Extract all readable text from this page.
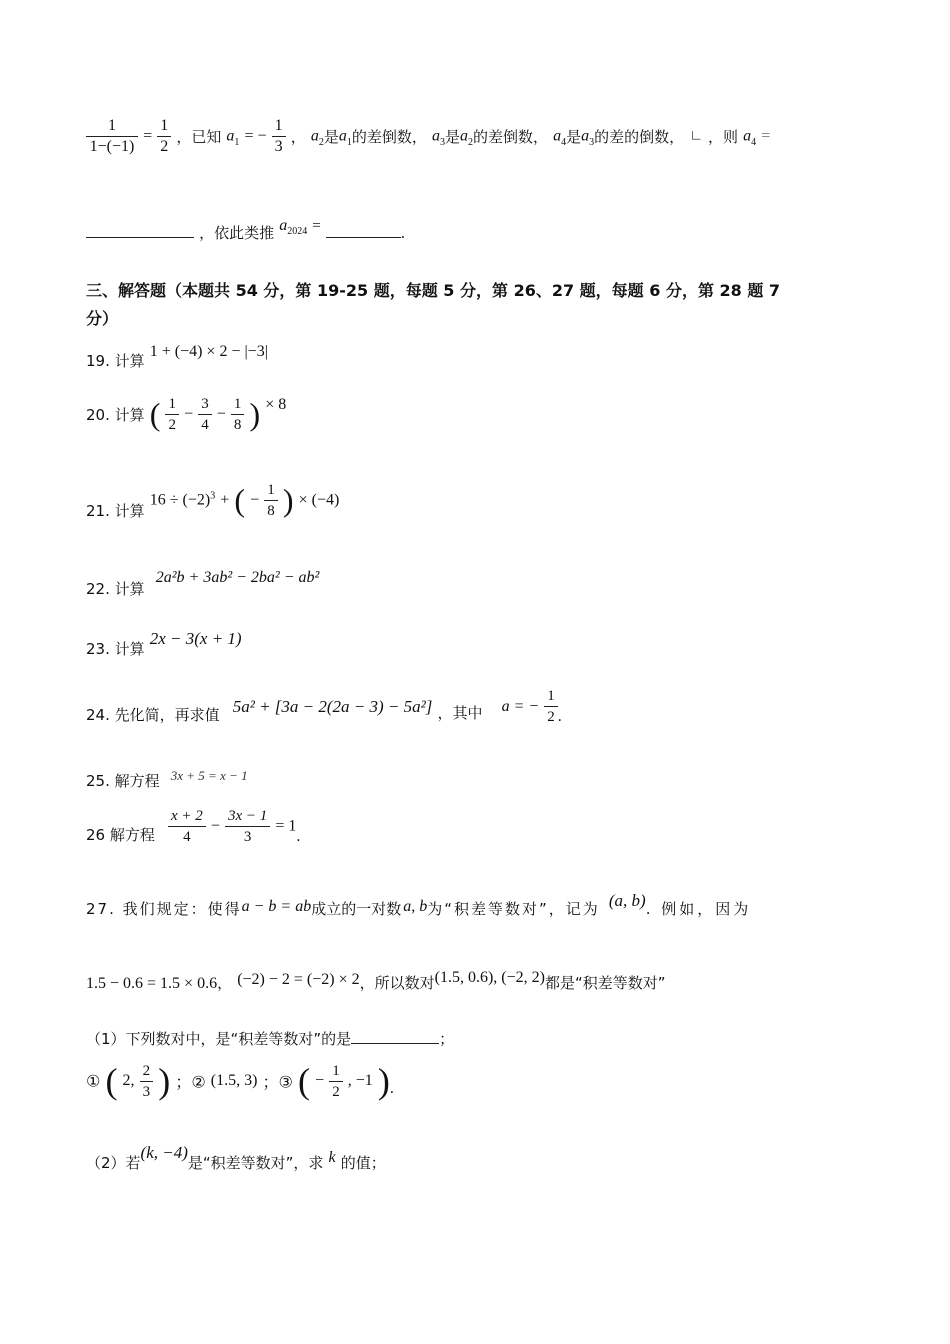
$\frac{1}{1-(-1)} = \frac{1}{2}$ ，已知 $a_1$ = − $\frac{1}{3}$ ， $a_2$是$a_1$的差倒数， $a_3$是$a_2$的差倒数， $a_4$是$a_3$的差的倒数， ∟ ，则 $a_4$ =
，依此类推 $a_{2024}$ =	.
三、解答题（本题共 54 分，第 19-25 题，每题 5 分，第 26、27 题，每题 6 分，第 28 题 7
分）
19. 计算 1 + (−4) × 2 − |−3|
20. 计算 ( $\frac{1}{2} - \frac{3}{4} - \frac{1}{8}$ ) × 8
21. 计算 $16 \div (-2)^3$ + ( − $\frac{1}{8}$ ) × (−4)
22. 计算 2a²b + 3ab² − 2ba² − ab²
23. 计算 2x − 3(x + 1)
24. 先化简，再求值 5a² + [3a − 2(2a − 3) − 5a²] ，其中 a = − $\frac{1}{2}$ .
25. 解方程 $^{3x + 5 = x - 1}$
26 解方程 $\frac{x + 2}{4} - \frac{3x - 1}{3} = 1$.
27. 我们规定：使得a − b = ab成立的一对数 a, b为“积差等数对”，记为 (a, b). 例如，因为
1.5 − 0.6 = 1.5 × 0.6， (−2) − 2 = (−2) × 2，所以数对(1.5, 0.6), (−2, 2)都是“积差等数对”
（1）下列数对中，是“积差等数对”的是	；
① ( 2, $\frac{2}{3}$ ) ；② (1.5, 3) ；③ ( − $\frac{1}{2}$ , −1 ).
（2）若(k, −4)是“积差等数对”，求 k 的值；
